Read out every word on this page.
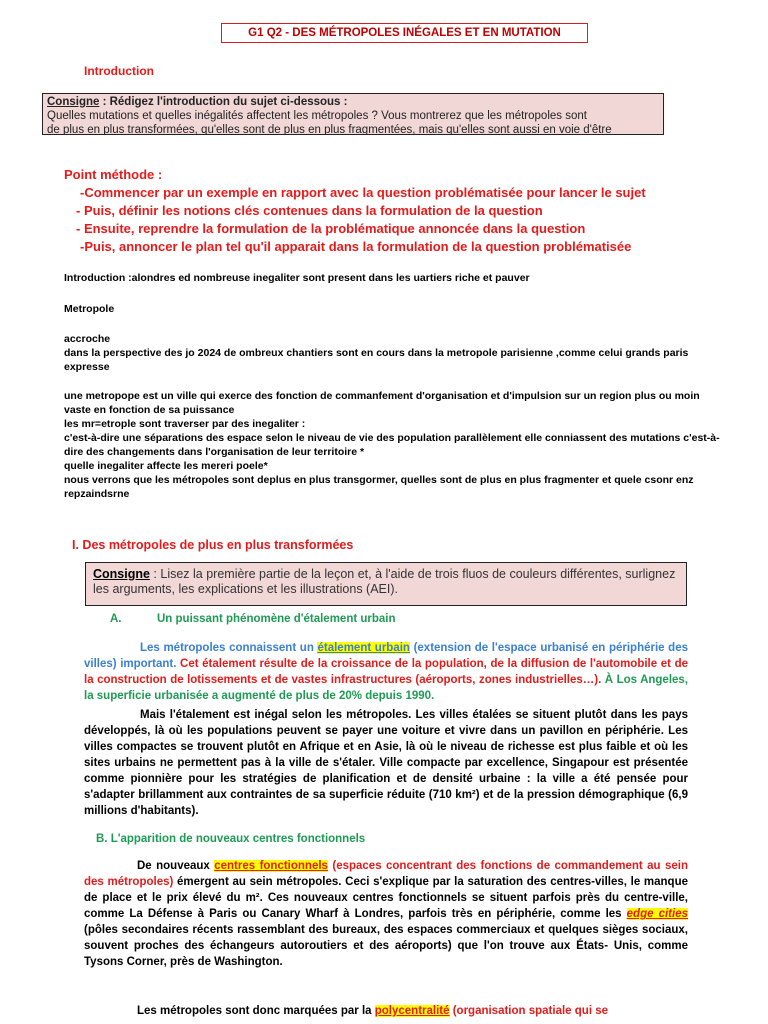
G1 Q2 - DES MÉTROPOLES INÉGALES ET EN MUTATION
Introduction
Consigne : Rédigez l'introduction du sujet ci-dessous :
Quelles mutations et quelles inégalités affectent les métropoles ? Vous montrerez que les métropoles sont
de plus en plus transformées, qu'elles sont de plus en plus fragmentées, mais qu'elles sont aussi en voie d'être
Point méthode :
-Commencer par un exemple en rapport avec la question problématisée pour lancer le sujet
- Puis, définir les notions clés contenues dans la formulation de la question
- Ensuite, reprendre la formulation de la problématique annoncée dans la question
-Puis, annoncer le plan tel qu'il apparait dans la formulation de la question problématisée
Introduction :alondres ed nombreuse inegaliter sont present dans les uartiers riche et pauver
Metropole
accroche
dans la perspective des jo 2024 de ombreux chantiers sont en cours dans la metropole parisienne ,comme celui grands paris expresse
une metropope est un ville qui exerce des fonction de commanfement d'organisation et d'impulsion sur un region plus ou moin vaste en fonction de sa puissance
les mr=etrople sont traverser par des inegaliter :
c'est-à-dire une séparations des espace selon le niveau de vie des population parallèlement elle conniassent des mutations c'est-à-dire des changements dans l'organisation de leur territoire *
quelle inegaliter affecte les mereri poele*
nous verrons que les métropoles sont deplus en plus transgormer, quelles sont de plus en plus fragmenter et quele csonr enz repzaindsrne
I. Des métropoles de plus en plus transformées
Consigne : Lisez la première partie de la leçon et, à l'aide de trois fluos de couleurs différentes, surlignez les arguments, les explications et les illustrations (AEI).
A.	Un puissant phénomène d'étalement urbain
Les métropoles connaissent un étalement urbain (extension de l'espace urbanisé en périphérie des villes) important. Cet étalement résulte de la croissance de la population, de la diffusion de l'automobile et de la construction de lotissements et de vastes infrastructures (aéroports, zones industrielles…). À Los Angeles, la superficie urbanisée a augmenté de plus de 20% depuis 1990.
Mais l'étalement est inégal selon les métropoles. Les villes étalées se situent plutôt dans les pays développés, là où les populations peuvent se payer une voiture et vivre dans un pavillon en périphérie. Les villes compactes se trouvent plutôt en Afrique et en Asie, là où le niveau de richesse est plus faible et où les sites urbains ne permettent pas à la ville de s'étaler. Ville compacte par excellence, Singapour est présentée comme pionnière pour les stratégies de planification et de densité urbaine : la ville a été pensée pour s'adapter brillamment aux contraintes de sa superficie réduite (710 km²) et de la pression démographique (6,9 millions d'habitants).
B. L'apparition de nouveaux centres fonctionnels
De nouveaux centres fonctionnels (espaces concentrant des fonctions de commandement au sein des métropoles) émergent au sein métropoles. Ceci s'explique par la saturation des centres-villes, le manque de place et le prix élevé du m². Ces nouveaux centres fonctionnels se situent parfois près du centre-ville, comme La Défense à Paris ou Canary Wharf à Londres, parfois très en périphérie, comme les edge cities (pôles secondaires récents rassemblant des bureaux, des espaces commerciaux et quelques sièges sociaux, souvent proches des échangeurs autoroutiers et des aéroports) que l'on trouve aux États- Unis, comme Tysons Corner, près de Washington.
Les métropoles sont donc marquées par la polycentralité (organisation spatiale qui se
